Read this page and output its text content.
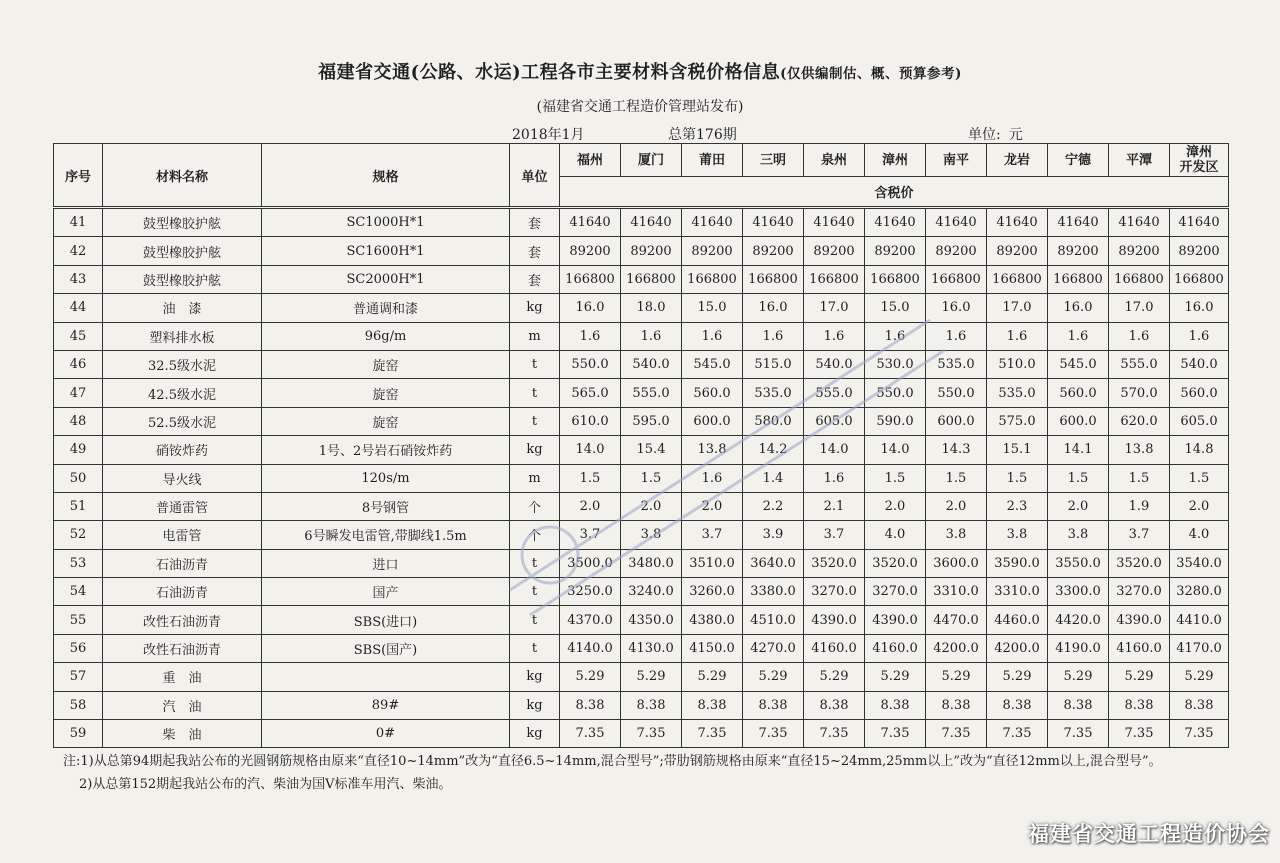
福建省交通(公路、水运)工程各市主要材料含税价格信息(仅供编制估、概、预算参考)
(福建省交通工程造价管理站发布)
2018年1月	总第176期	单位: 元
序号	材料名称	规格	单位	福州	厦门	莆田	三明	泉州	漳州	南平	龙岩	宁德	平潭	漳州
开发区
				含税价										
41	鼓型橡胶护舷	SC1000H*1	套	41640	41640	41640	41640	41640	41640	41640	41640	41640	41640	41640
42	鼓型橡胶护舷	SC1600H*1	套	89200	89200	89200	89200	89200	89200	89200	89200	89200	89200	89200
43	鼓型橡胶护舷	SC2000H*1	套	166800	166800	166800	166800	166800	166800	166800	166800	166800	166800	166800
44	油　漆	普通调和漆	kg	16.0	18.0	15.0	16.0	17.0	15.0	16.0	17.0	16.0	17.0	16.0
45	塑料排水板	96g/m	m	1.6	1.6	1.6	1.6	1.6	1.6	1.6	1.6	1.6	1.6	1.6
46	32.5级水泥	旋窑	t	550.0	540.0	545.0	515.0	540.0	530.0	535.0	510.0	545.0	555.0	540.0
47	42.5级水泥	旋窑	t	565.0	555.0	560.0	535.0	555.0	550.0	550.0	535.0	560.0	570.0	560.0
48	52.5级水泥	旋窑	t	610.0	595.0	600.0	580.0	605.0	590.0	600.0	575.0	600.0	620.0	605.0
49	硝铵炸药	1号、2号岩石硝铵炸药	kg	14.0	15.4	13.8	14.2	14.0	14.0	14.3	15.1	14.1	13.8	14.8
50	导火线	120s/m	m	1.5	1.5	1.6	1.4	1.6	1.5	1.5	1.5	1.5	1.5	1.5
51	普通雷管	8号钢管	个	2.0	2.0	2.0	2.2	2.1	2.0	2.0	2.3	2.0	1.9	2.0
52	电雷管	6号瞬发电雷管,带脚线1.5m	个	3.7	3.8	3.7	3.9	3.7	4.0	3.8	3.8	3.8	3.7	4.0
53	石油沥青	进口	t	3500.0	3480.0	3510.0	3640.0	3520.0	3520.0	3600.0	3590.0	3550.0	3520.0	3540.0
54	石油沥青	国产	t	3250.0	3240.0	3260.0	3380.0	3270.0	3270.0	3310.0	3310.0	3300.0	3270.0	3280.0
55	改性石油沥青	SBS(进口)	t	4370.0	4350.0	4380.0	4510.0	4390.0	4390.0	4470.0	4460.0	4420.0	4390.0	4410.0
56	改性石油沥青	SBS(国产)	t	4140.0	4130.0	4150.0	4270.0	4160.0	4160.0	4200.0	4200.0	4190.0	4160.0	4170.0
57	重　油		kg	5.29	5.29	5.29	5.29	5.29	5.29	5.29	5.29	5.29	5.29	5.29
58	汽　油	89#	kg	8.38	8.38	8.38	8.38	8.38	8.38	8.38	8.38	8.38	8.38	8.38
59	柴　油	0#	kg	7.35	7.35	7.35	7.35	7.35	7.35	7.35	7.35	7.35	7.35	7.35
注:1)从总第94期起我站公布的光圆钢筋规格由原来“直径10~14mm”改为“直径6.5~14mm,混合型号”;带肋钢筋规格由原来“直径15~24mm,25mm以上”改为“直径12mm以上,混合型号”。
2)从总第152期起我站公布的汽、柴油为国Ⅴ标准车用汽、柴油。
福建省交通工程造价协会
